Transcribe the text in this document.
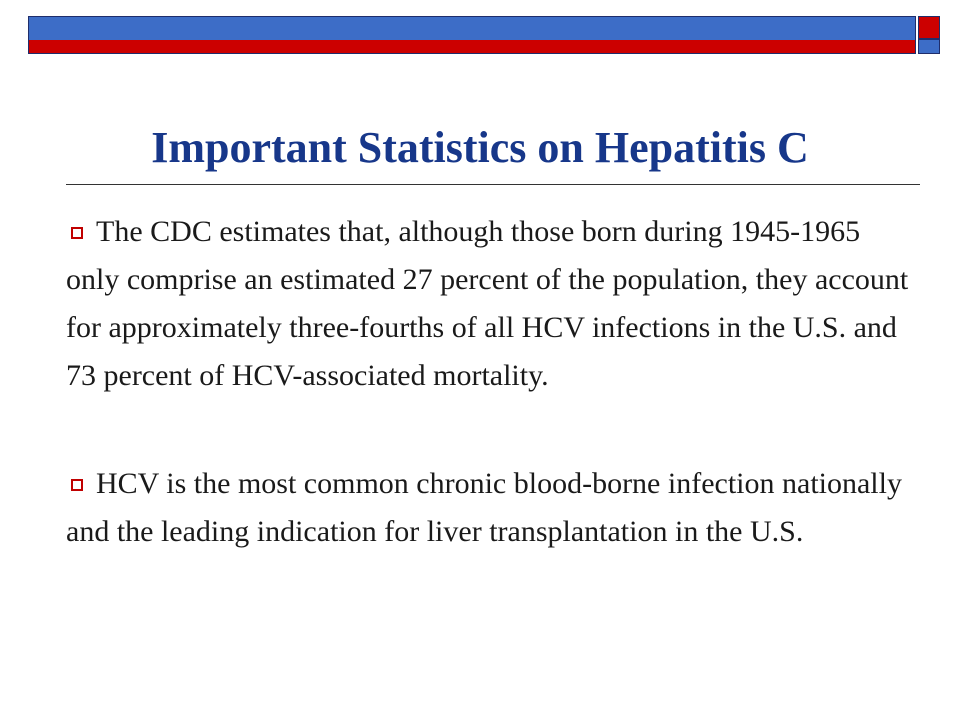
Important Statistics on Hepatitis C
The CDC estimates that, although those born during 1945-1965 only comprise an estimated 27 percent of the population, they account for approximately three-fourths of all HCV infections in the U.S. and 73 percent of HCV-associated mortality.
HCV is the most common chronic blood-borne infection nationally and the leading indication for liver transplantation in the U.S.
